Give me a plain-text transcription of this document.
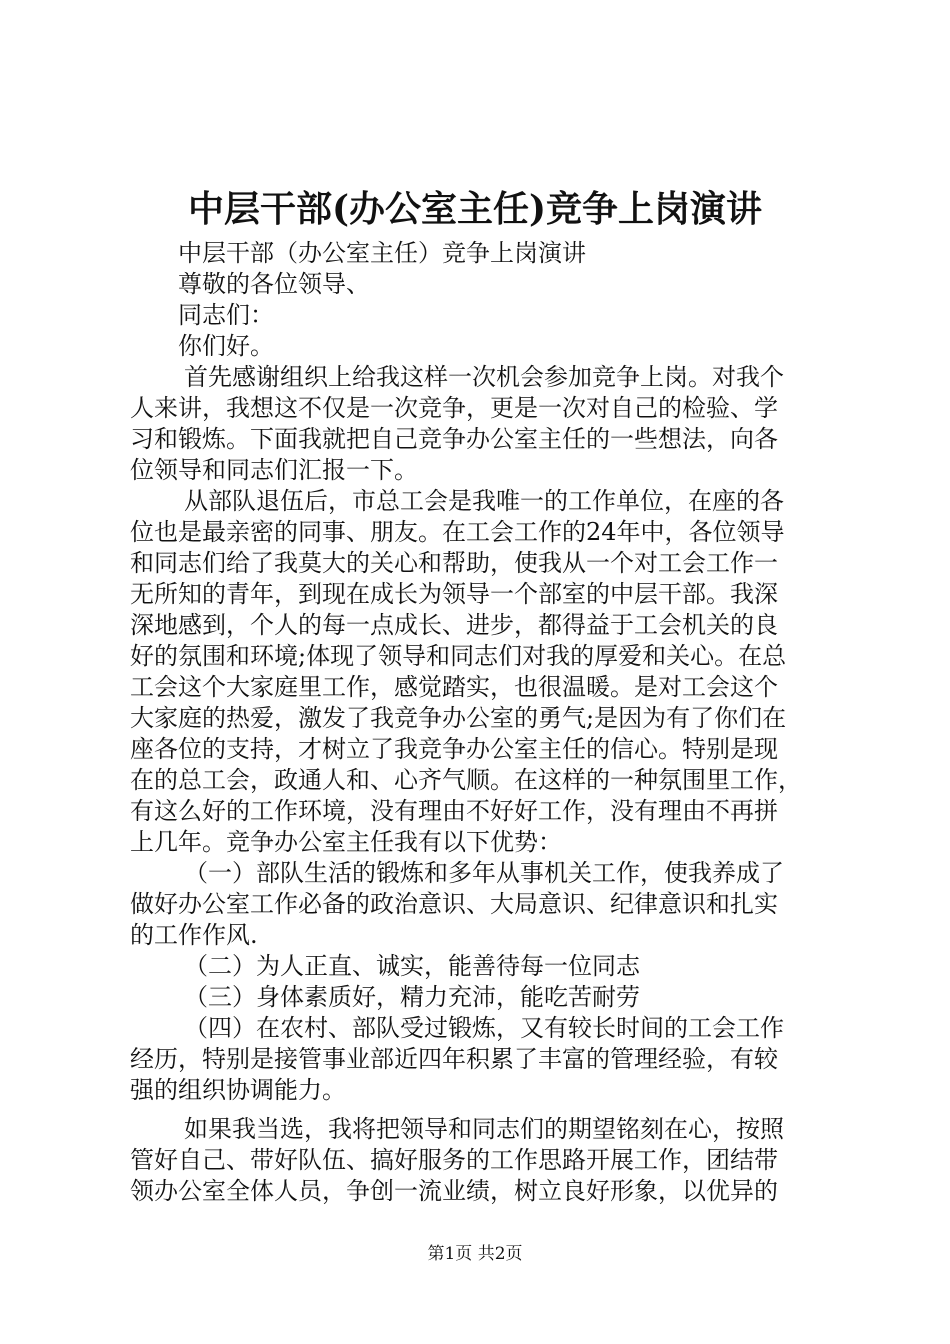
中层干部(办公室主任)竞争上岗演讲
中层干部（办公室主任）竞争上岗演讲
尊敬的各位领导、
同志们：
你们好。
首先感谢组织上给我这样一次机会参加竞争上岗。对我个
人来讲，我想这不仅是一次竞争，更是一次对自己的检验、学
习和锻炼。下面我就把自己竞争办公室主任的一些想法，向各
位领导和同志们汇报一下。
从部队退伍后，市总工会是我唯一的工作单位，在座的各
位也是最亲密的同事、朋友。在工会工作的24年中，各位领导
和同志们给了我莫大的关心和帮助，使我从一个对工会工作一
无所知的青年，到现在成长为领导一个部室的中层干部。我深
深地感到，个人的每一点成长、进步，都得益于工会机关的良
好的氛围和环境;体现了领导和同志们对我的厚爱和关心。在总
工会这个大家庭里工作，感觉踏实，也很温暖。是对工会这个
大家庭的热爱，激发了我竞争办公室的勇气;是因为有了你们在
座各位的支持，才树立了我竞争办公室主任的信心。特别是现
在的总工会，政通人和、心齐气顺。在这样的一种氛围里工作，
有这么好的工作环境，没有理由不好好工作，没有理由不再拼
上几年。竞争办公室主任我有以下优势：
（一）部队生活的锻炼和多年从事机关工作，使我养成了
做好办公室工作必备的政治意识、大局意识、纪律意识和扎实
的工作作风.
（二）为人正直、诚实，能善待每一位同志
（三）身体素质好，精力充沛，能吃苦耐劳
（四）在农村、部队受过锻炼，又有较长时间的工会工作
经历，特别是接管事业部近四年积累了丰富的管理经验，有较
强的组织协调能力。
如果我当选，我将把领导和同志们的期望铭刻在心，按照
管好自己、带好队伍、搞好服务的工作思路开展工作，团结带
领办公室全体人员，争创一流业绩，树立良好形象，以优异的
第1页 共2页
